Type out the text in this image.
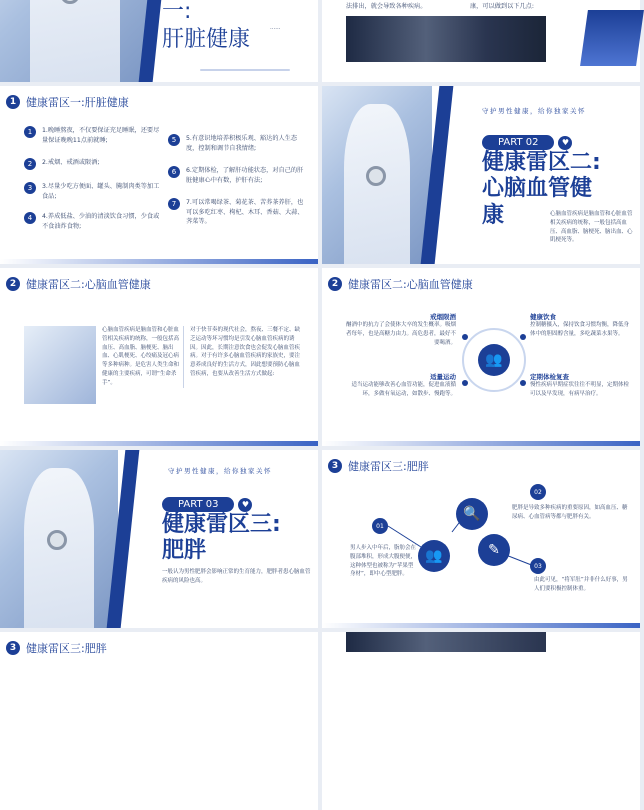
一:
肝脏健康	......
法排出，就会导致各种疾病。	康，可以做到以下几点:
1 健康雷区一:肝脏健康
1	1.晚睡熬夜，不仅要保证充足睡眠，还要尽量保证晚晚11点前就睡;
2	2.戒烟、戒酒或限酒;
3	3.尽量少吃方便面、罐头、腌制肉类等加工食品;
4	4.养成低盐、少油的清淡饮食习惯，少食或不食油炸食物;
5	5.有意识地培养积极乐观、豁达的人生态度，控制和调节自我情绪;
6	6.定期体检，了解肝功能状态，对自己的肝脏健康心中有数，护肝有法;
7	7.可以常喝绿茶、菊花茶、苦荞茶养肝，也可以多吃红枣、枸杞、木耳、香菇、大蒜、荠菜等。
守护男性健康，给你独家关怀
PART 02	♥
健康雷区二:
心脑血管健
康	心脑血管疾病是脑血管和心脏血管相关疾病的统称，一般包括高血压、高血脂、脑梗死、脑出血、心肌梗死等。
2 健康雷区二:心脑血管健康
心脑血管疾病是脑血管和心脏血管相关疾病的统称，一般包括高血压、高血脂、脑梗死、脑出血、心肌梗死、心绞痛及冠心病等多种病种。是危害人类生命和健康的主要疾病，可谓“生命杀手”。
对于快节奏的现代社会，熬夜、三餐不定、缺乏运动等坏习惯均是引发心脑血管疾病的诱因。因此，长期注意饮食也会促发心脑血管疾病。对于有许多心脑血管疾病的家族史，要注意养成良好的生活方式，因此想要预防心脑血管疾病，也要从改善生活方式做起:
2 健康雷区二:心脑血管健康
戒烟限酒
酗酒中的抗力了会使体大卒的发生概率。吸烟者每年，也是高糖力由力。高危患者，最好不要喝酒。
健康饮食
控制糖摄入，保持饮食习惯均衡，降低身体中的胆固醇含量，多吃蔬菜水果等。
适量运动
适当运动能够改善心血管功能，促进血液循环，多做有氧运动，如散步、慢跑等。
定期体检复查
慢性疾病早期症状往往不明显，定期体检可以及早发现，有病早治疗。
👥
守护男性健康，给你独家关怀
PART 03	♥
健康雷区三:
肥胖
一般认为男性肥胖会影响正常的生育能力，肥胖者患心脑血管疾病的风险也高。
3 健康雷区三:肥胖
01
👥
🔍
✎
02
03
男人步入中年后，脂肪会在腹部堆积，形成大腹便便，这种体型也被称为“苹果型身材”，即中心型肥胖。
肥胖是导致多种疾病的重要原因，如高血压、糖尿病、心血管病等都与肥胖有关。
由此可见，“将军肚”并非什么好事，男人们要积极控制体重。
3 健康雷区三:肥胖
